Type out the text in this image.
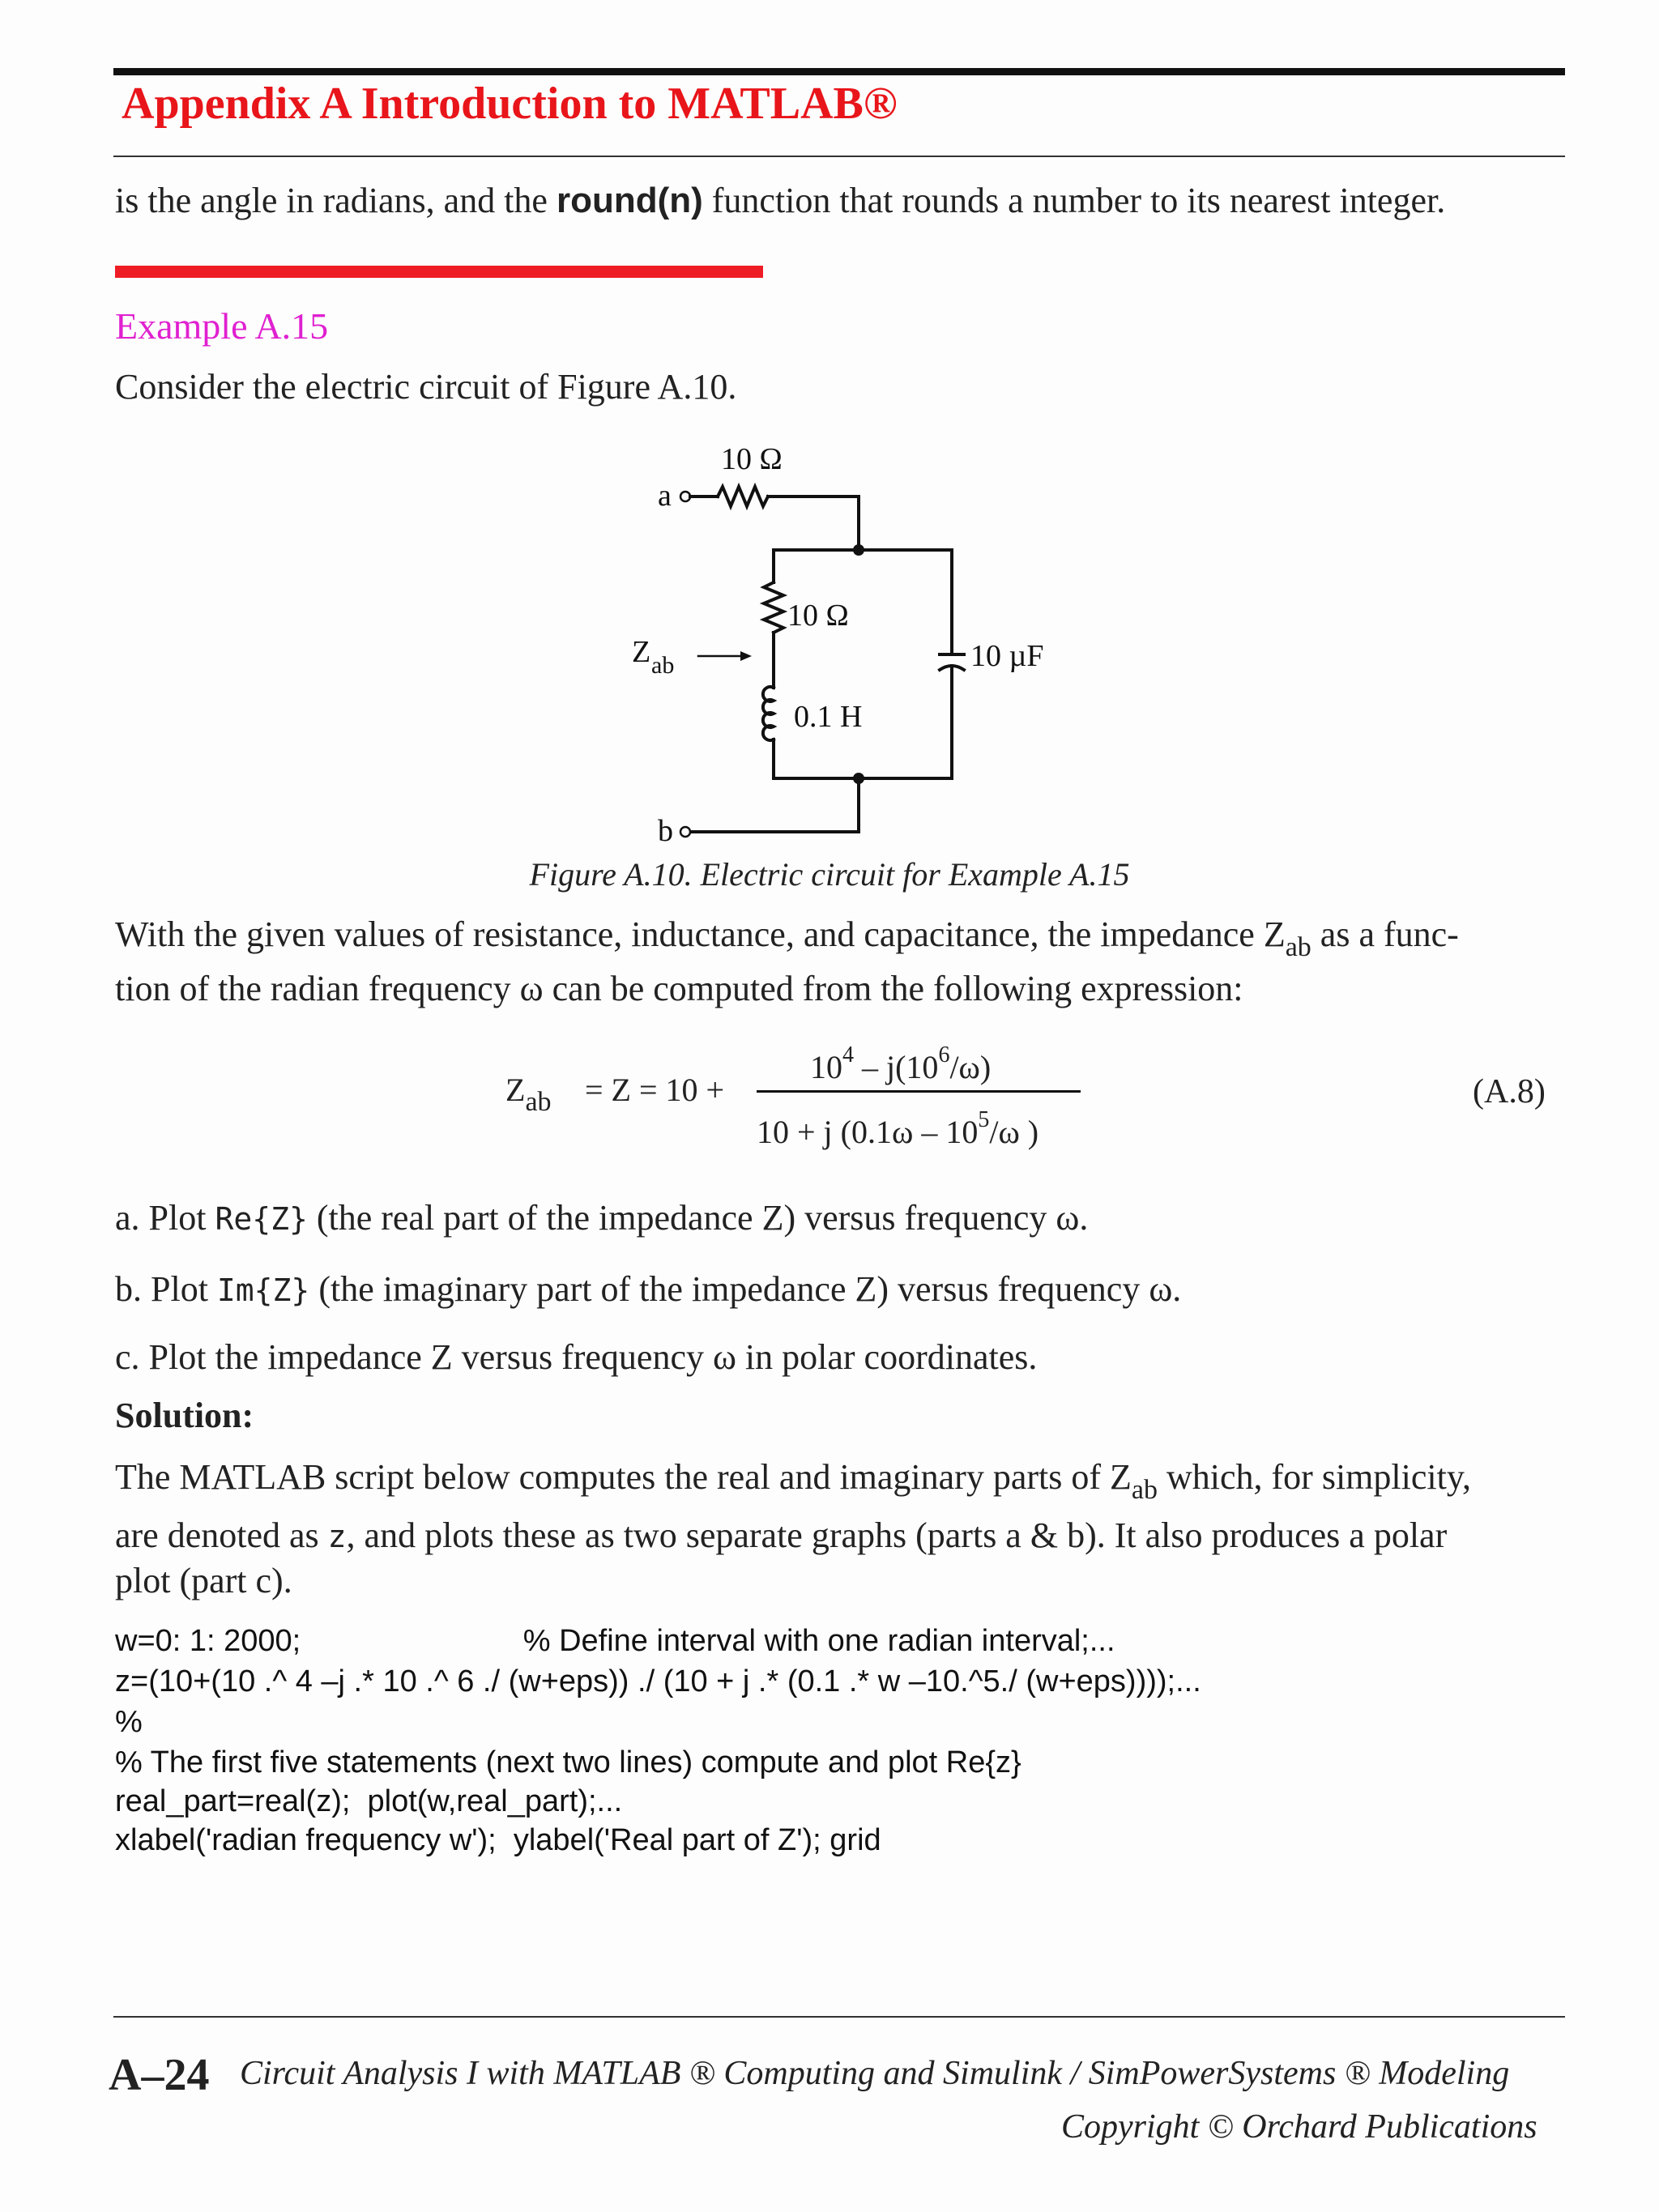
Appendix A Introduction to MATLAB®
is the angle in radians, and the round(n) function that rounds a number to its nearest integer.
Example A.15
Consider the electric circuit of Figure A.10.
10 Ω
a
10 Ω
10 µF
0.1 H
b
Z ab
Figure A.10. Electric circuit for Example A.15
With the given values of resistance, inductance, and capacitance, the impedance $Z_{ab}$ as a func-
tion of the radian frequency ω can be computed from the following expression:
$Z_{ab} = Z = 10$ +
$10^4 - j(10^6/\omega)$
10 + j ($0.1\omega - 10^5/\omega$ )
(A.8)
a. Plot Re{Z} (the real part of the impedance Z) versus frequency ω.
b. Plot Im{Z} (the imaginary part of the impedance Z) versus frequency ω.
c. Plot the impedance Z versus frequency ω in polar coordinates.
Solution:
The MATLAB script below computes the real and imaginary parts of $Z_{ab}$ which, for simplicity,
are denoted as z, and plots these as two separate graphs (parts a & b). It also produces a polar
plot (part c).
w=0: 1: 2000;                          % Define interval with one radian interval;...
z=(10+(10 .^ 4 –j .* 10 .^ 6 ./ (w+eps)) ./ (10 + j .* (0.1 .* w –10.^5./ (w+eps))));...
%
% The first five statements (next two lines) compute and plot Re{z}
real_part=real(z);  plot(w,real_part);...
xlabel('radian frequency w');  ylabel('Real part of Z'); grid
A–24 Circuit Analysis I with MATLAB ® Computing and Simulink / SimPowerSystems ® Modeling
Copyright © Orchard Publications
